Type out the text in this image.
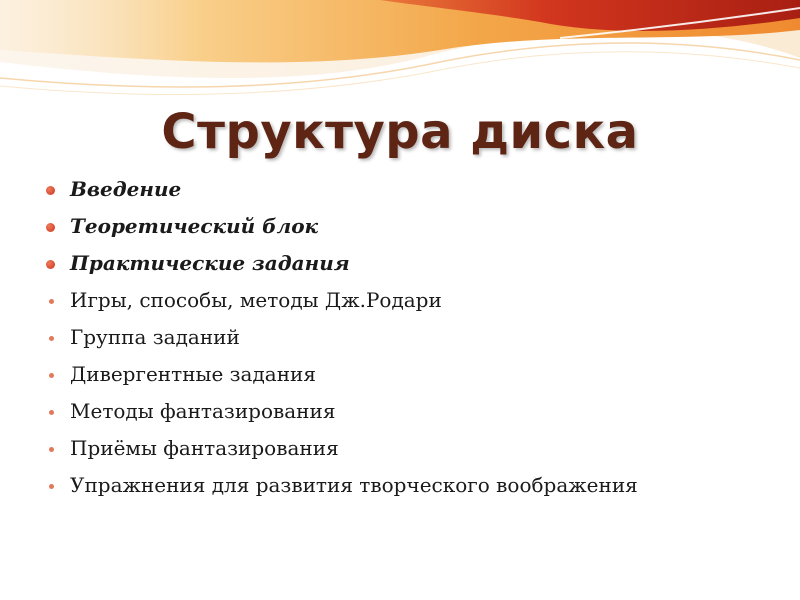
Структура диска
Введение
Теоретический блок
Практические задания
Игры, способы, методы Дж.Родари
Группа заданий
Дивергентные задания
Методы фантазирования
Приёмы фантазирования
Упражнения для развития творческого воображения
